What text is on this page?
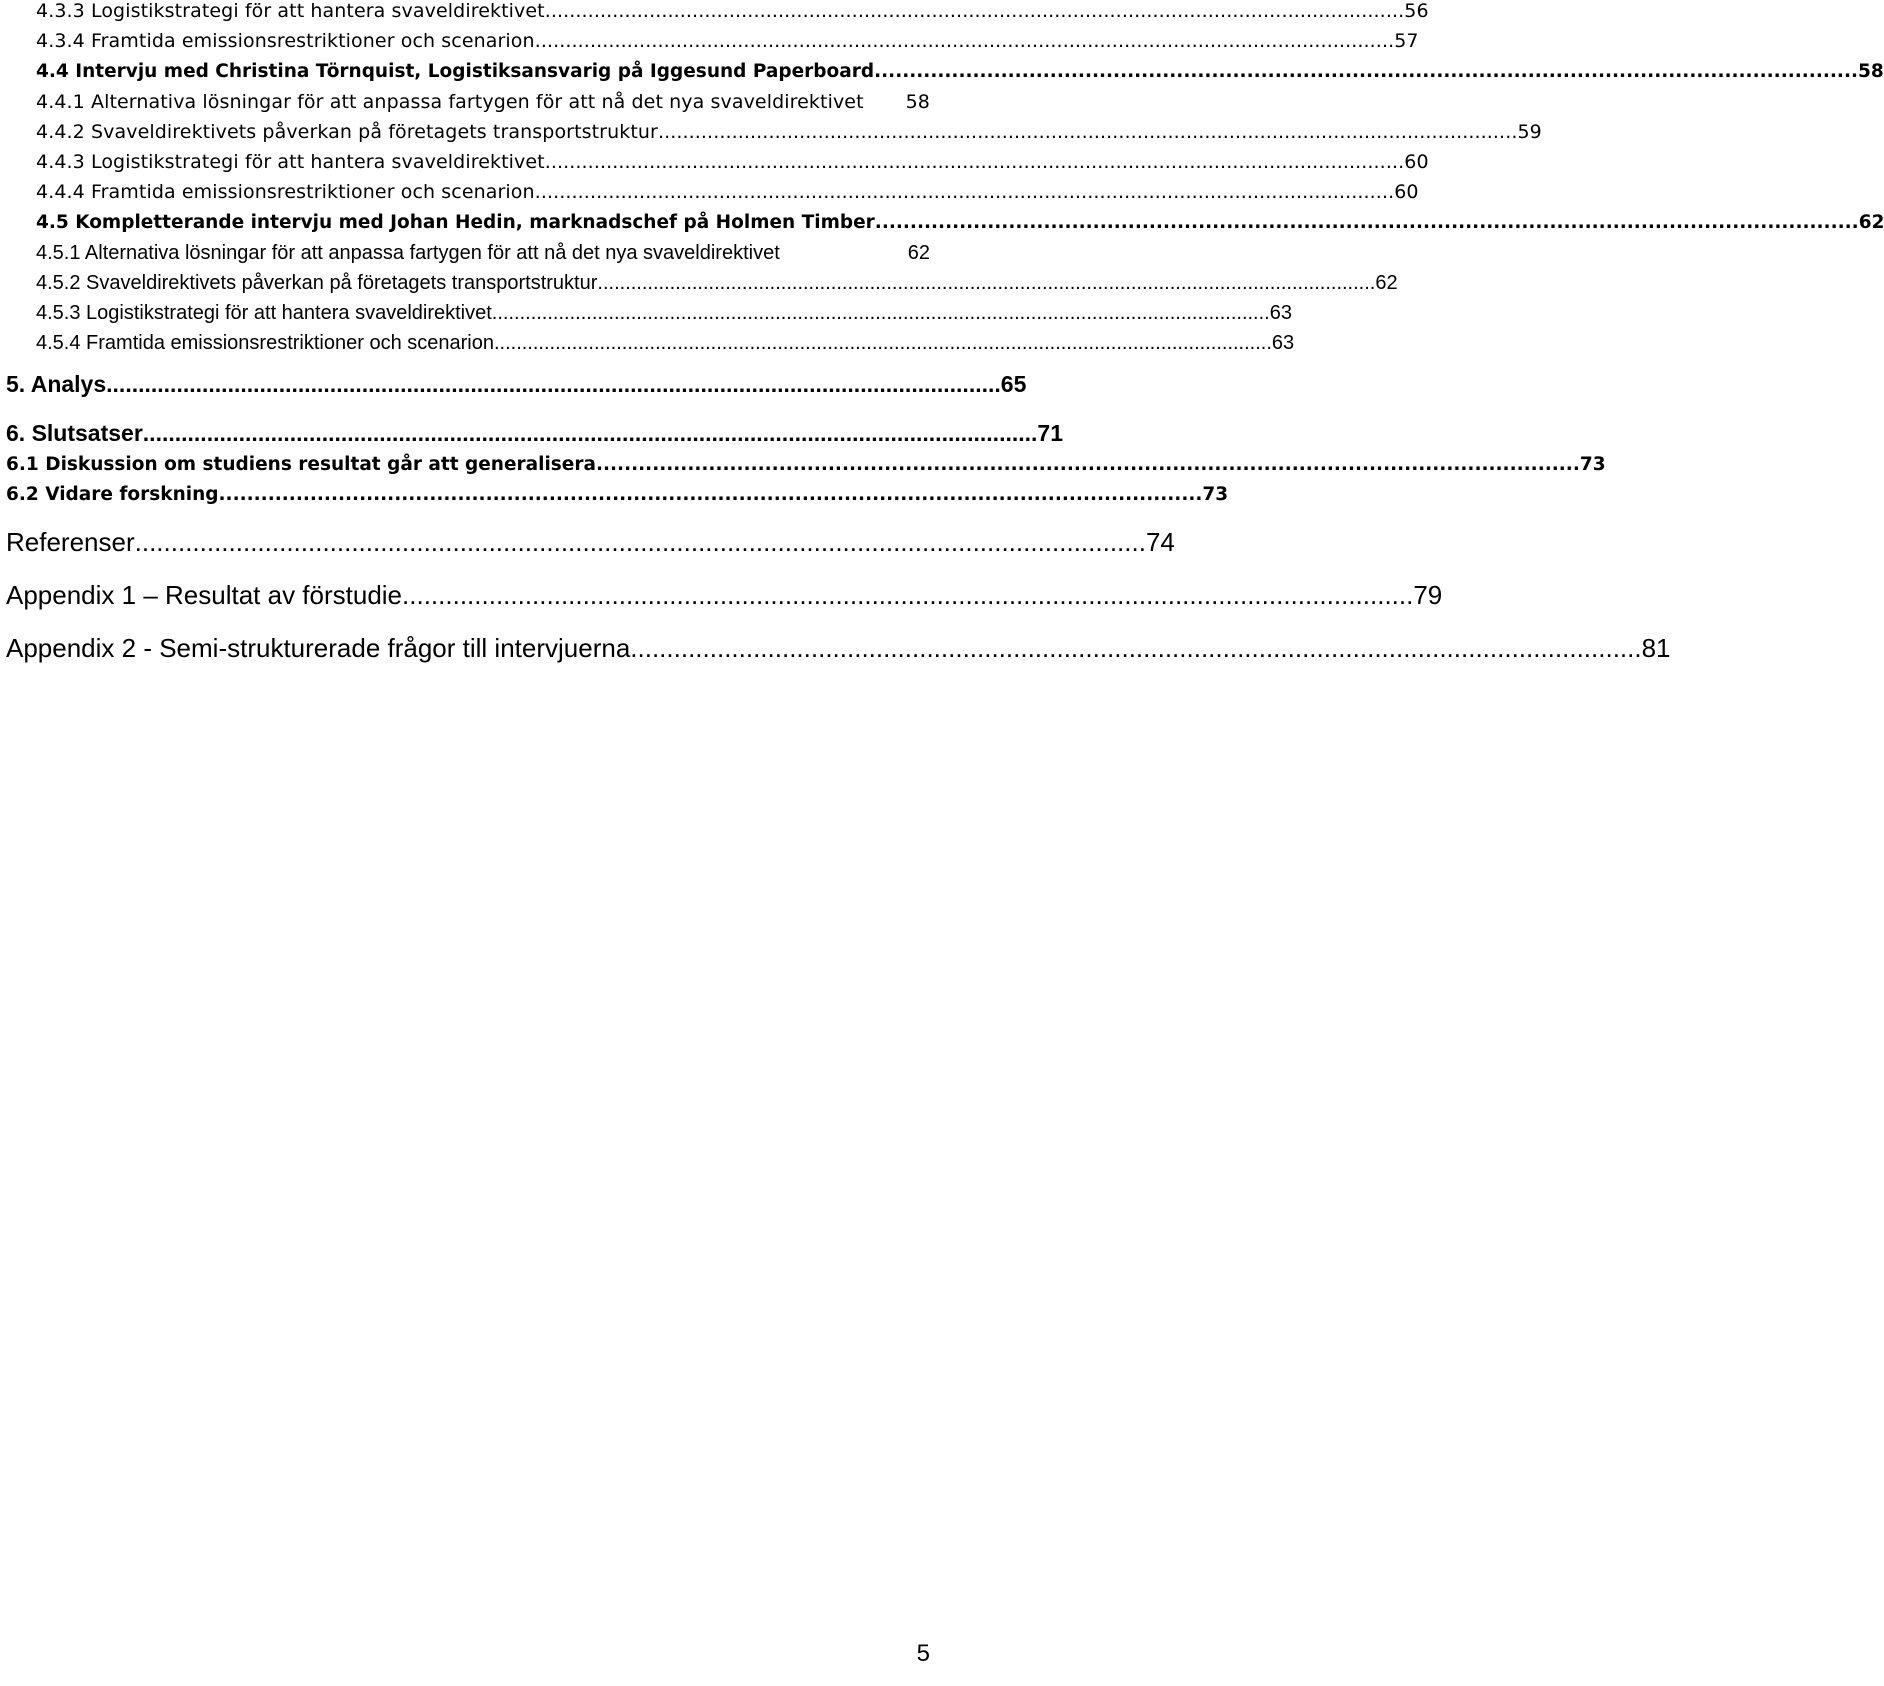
4.3.3 Logistikstrategi för att hantera svaveldirektivet ............................................................................................................................................ 56
4.3.4 Framtida emissionsrestriktioner och scenarion ............................................................................................................................................ 57
4.4 Intervju med Christina Törnquist, Logistiksansvarig på Iggesund Paperboard ............................................................................................................................................ 58
4.4.1 Alternativa lösningar för att anpassa fartygen för att nå det nya svaveldirektivet 58
4.4.2 Svaveldirektivets påverkan på företagets transportstruktur ............................................................................................................................................ 59
4.4.3 Logistikstrategi för att hantera svaveldirektivet ............................................................................................................................................ 60
4.4.4 Framtida emissionsrestriktioner och scenarion ............................................................................................................................................ 60
4.5 Kompletterande intervju med Johan Hedin, marknadschef på Holmen Timber ............................................................................................................................................ 62
4.5.1 Alternativa lösningar för att anpassa fartygen för att nå det nya svaveldirektivet	62
4.5.2 Svaveldirektivets påverkan på företagets transportstruktur ............................................................................................................................................ 62
4.5.3 Logistikstrategi för att hantera svaveldirektivet ............................................................................................................................................ 63
4.5.4 Framtida emissionsrestriktioner och scenarion ............................................................................................................................................ 63
5. Analys ............................................................................................................................................ 65
6. Slutsatser ............................................................................................................................................ 71
6.1 Diskussion om studiens resultat går att generalisera ............................................................................................................................................ 73
6.2 Vidare forskning ............................................................................................................................................ 73
Referenser ............................................................................................................................................ 74
Appendix 1 – Resultat av förstudie ............................................................................................................................................ 79
Appendix 2 - Semi-strukturerade frågor till intervjuerna ............................................................................................................................................ 81
5
